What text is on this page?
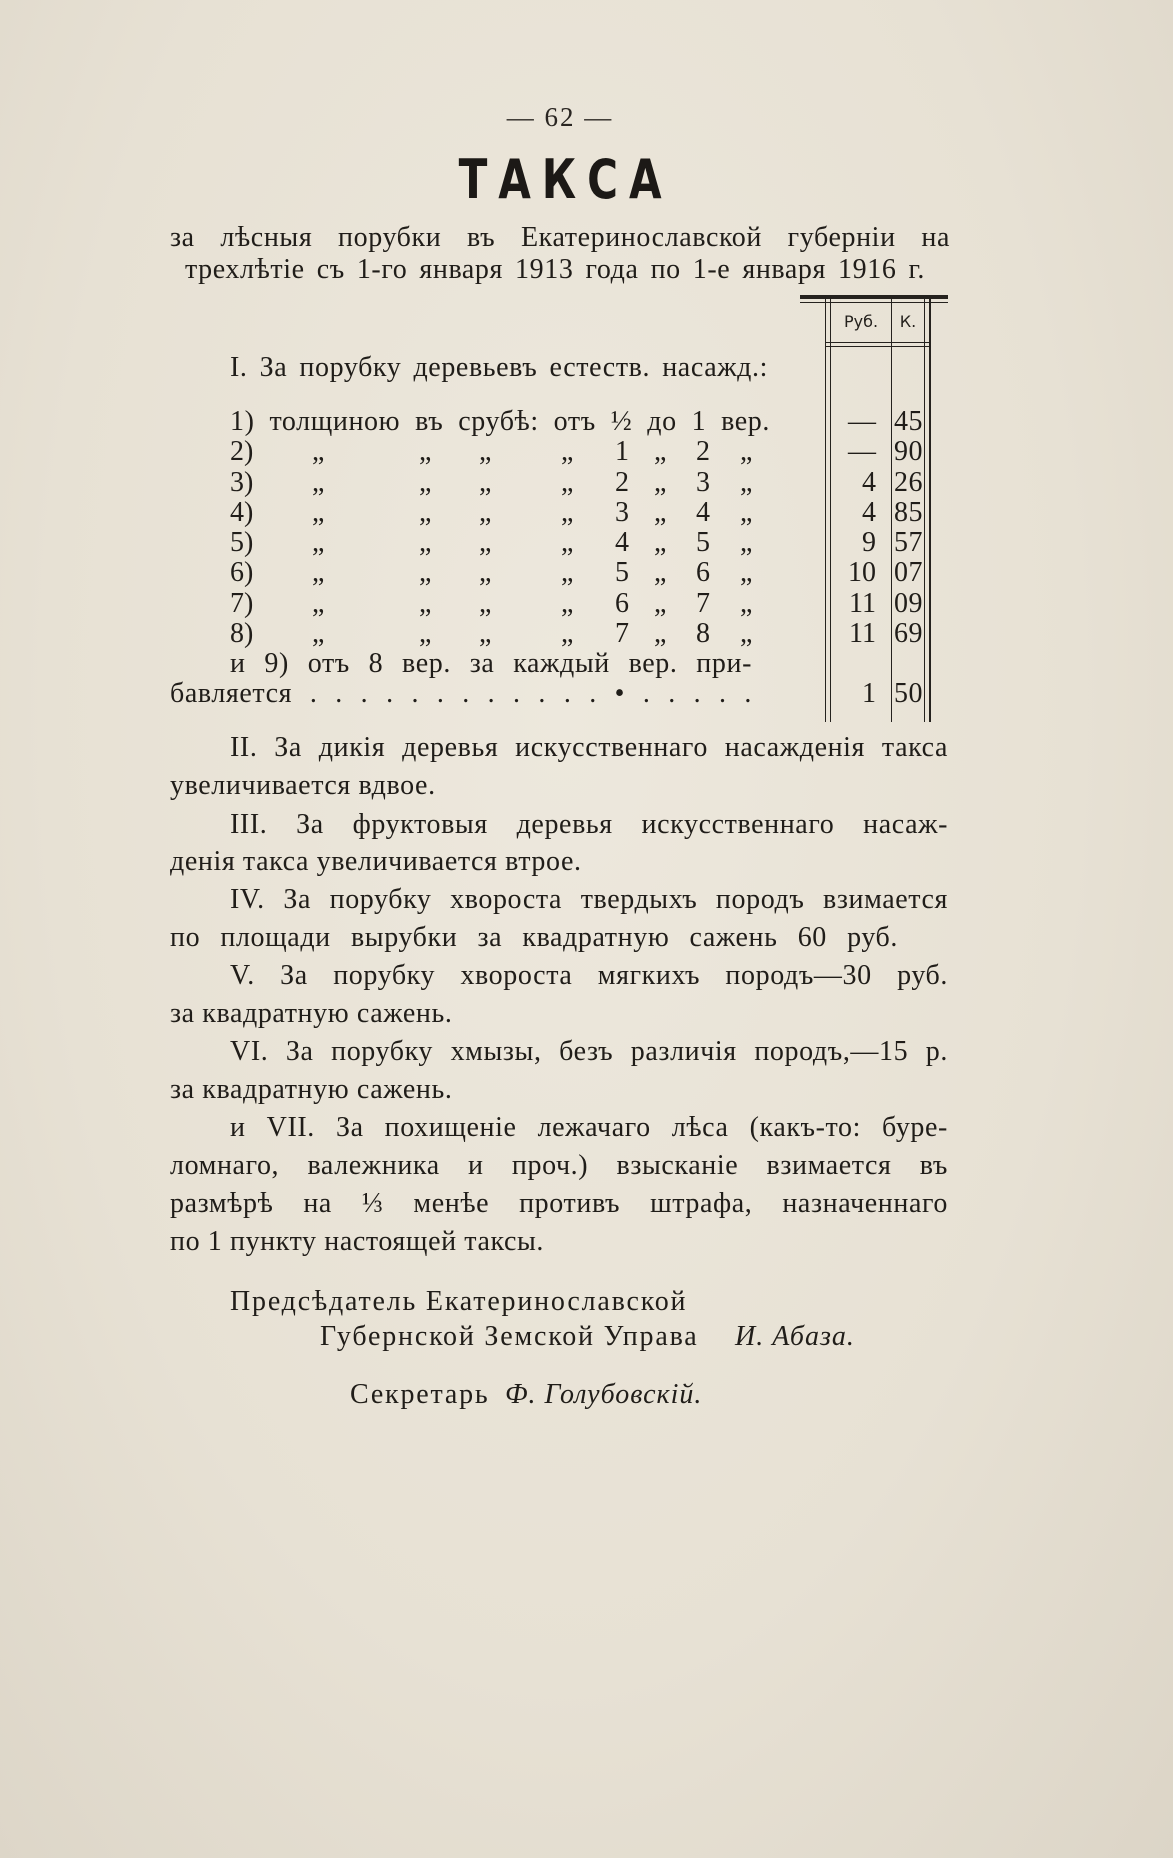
— 62 —
ТАКСА
за лѣсныя порубки въ Екатеринославской губерніи на
трехлѣтіе съ 1-го января 1913 года по 1-е января 1916 г.
Руб.	К.
I. За порубку деревьевъ естеств. насажд.:
1) толщиною въ срубѣ: отъ ½ до 1 вер.	— 45
2) „	„ „ „ 1 „ 2 „	— 90
3) „	„ „ „ 2 „ 3 „	4 26
4) „	„ „ „ 3 „ 4 „	4 85
5) „	„ „ „ 4 „ 5 „	9 57
6) „	„ „ „ 5 „ 6 „	10 07
7) „	„ „ „ 6 „ 7 „	11 09
8) „	„ „ „ 7 „ 8 „	11 69
и 9) отъ 8 вер. за каждый вер. при-
бавляется . . . . . . . . . . . . • . . . . .	1 50
II. За дикія деревья искусственнаго насажденія такса
увеличивается вдвое.
III. За фруктовыя деревья искусственнаго насаж-
денія такса увеличивается втрое.
IV. За порубку хвороста твердыхъ породъ взимается
по площади вырубки за квадратную сажень 60 руб.
V. За порубку хвороста мягкихъ породъ—30 руб.
за квадратную сажень.
VI. За порубку хмызы, безъ различія породъ,—15 р.
за квадратную сажень.
и VII. За похищеніе лежачаго лѣса (какъ-то: буре-
ломнаго, валежника и проч.) взысканіе взимается въ
размѣрѣ на ⅓ менѣе противъ штрафа, назначеннаго
по 1 пункту настоящей таксы.
Предсѣдатель Екатеринославской
Губернской Земской Управа И. Абаза.
Секретарь Ф. Голубовскій.
